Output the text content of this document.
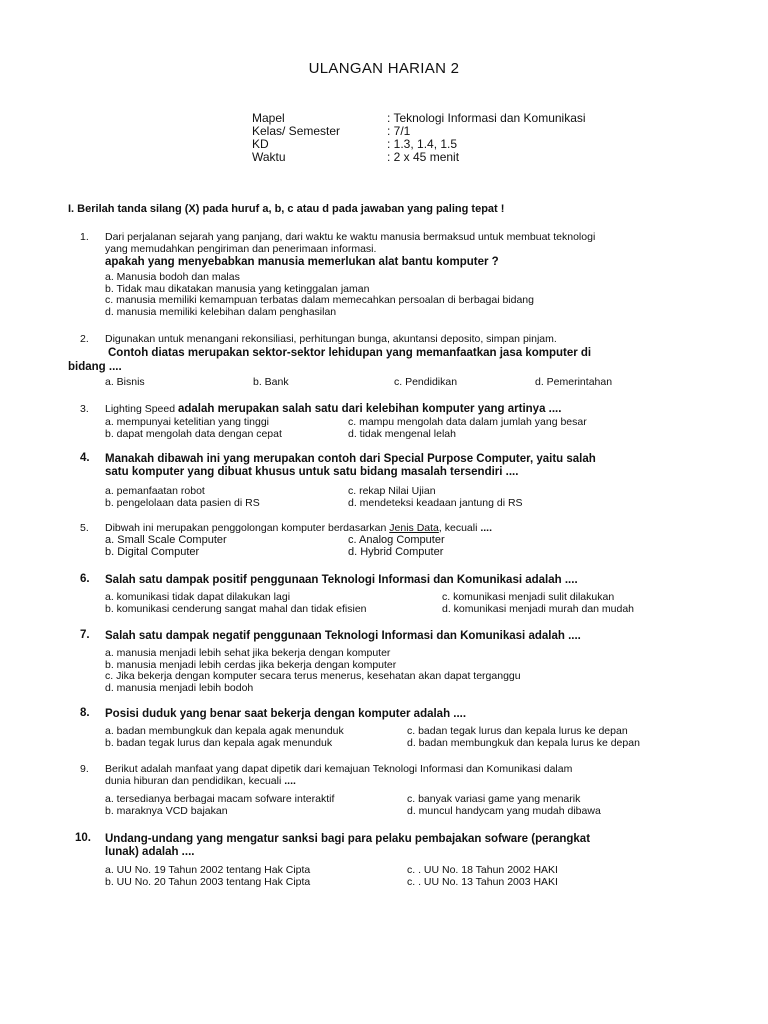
ULANGAN HARIAN 2
Mapel	: Teknologi Informasi dan Komunikasi
Kelas/ Semester	: 7/1
KD	: 1.3, 1.4, 1.5
Waktu	: 2 x 45 menit
I. Berilah tanda silang (X) pada huruf a, b, c atau d pada jawaban yang paling tepat !
1.	Dari perjalanan sejarah yang panjang, dari waktu ke waktu manusia bermaksud untuk membuat teknologi
yang memudahkan pengiriman dan penerimaan informasi.
apakah yang menyebabkan manusia memerlukan alat bantu komputer ?
a. Manusia bodoh dan malas
b. Tidak mau dikatakan manusia yang ketinggalan jaman
c. manusia memiliki kemampuan terbatas dalam memecahkan persoalan di berbagai bidang
d. manusia memiliki kelebihan dalam penghasilan
2.	Digunakan untuk menangani rekonsiliasi, perhitungan bunga, akuntansi deposito, simpan pinjam.
Contoh diatas merupakan sektor-sektor lehidupan yang memanfaatkan jasa komputer di
bidang ....
a. Bisnis	b. Bank	c. Pendidikan	d. Pemerintahan
3.	Lighting Speed adalah merupakan salah satu dari kelebihan komputer yang artinya ....
a. mempunyai ketelitian yang tinggi	c. mampu mengolah data dalam jumlah yang besar
b. dapat mengolah data dengan cepat	d. tidak mengenal lelah
4.	Manakah dibawah ini yang merupakan contoh dari Special Purpose Computer, yaitu salah
satu komputer yang dibuat khusus untuk satu bidang masalah tersendiri ....
a. pemanfaatan robot	c. rekap Nilai Ujian
b. pengelolaan data pasien di RS	d. mendeteksi keadaan jantung di RS
5.	Dibwah ini merupakan penggolongan komputer berdasarkan Jenis Data, kecuali ....
a. Small Scale Computer	c. Analog Computer
b. Digital Computer	d. Hybrid Computer
6.	Salah satu dampak positif penggunaan Teknologi Informasi dan Komunikasi adalah ....
a. komunikasi tidak dapat dilakukan lagi	c. komunikasi menjadi sulit dilakukan
b. komunikasi cenderung sangat mahal dan tidak efisien	d. komunikasi menjadi murah dan mudah
7.	Salah satu dampak negatif penggunaan Teknologi Informasi dan Komunikasi adalah ....
a. manusia menjadi lebih sehat jika bekerja dengan komputer
b. manusia menjadi lebih cerdas jika bekerja dengan komputer
c. Jika bekerja dengan komputer secara terus menerus, kesehatan akan dapat terganggu
d. manusia menjadi lebih bodoh
8.	Posisi duduk yang benar saat bekerja dengan komputer adalah ....
a. badan membungkuk dan kepala agak menunduk	c. badan tegak lurus dan kepala lurus ke depan
b. badan tegak lurus dan kepala agak menunduk	d. badan membungkuk dan kepala lurus ke depan
9.	Berikut adalah manfaat yang dapat dipetik dari kemajuan Teknologi Informasi dan Komunikasi dalam
dunia hiburan dan pendidikan, kecuali ....
a. tersedianya berbagai macam sofware interaktif	c. banyak variasi game yang menarik
b. maraknya VCD bajakan	d. muncul handycam yang mudah dibawa
10.	Undang-undang yang mengatur sanksi bagi para pelaku pembajakan sofware (perangkat
lunak) adalah ....
a. UU No. 19 Tahun 2002 tentang Hak Cipta	c. . UU No. 18 Tahun 2002 HAKI
b. UU No. 20 Tahun 2003 tentang Hak Cipta	c. . UU No. 13 Tahun 2003 HAKI
